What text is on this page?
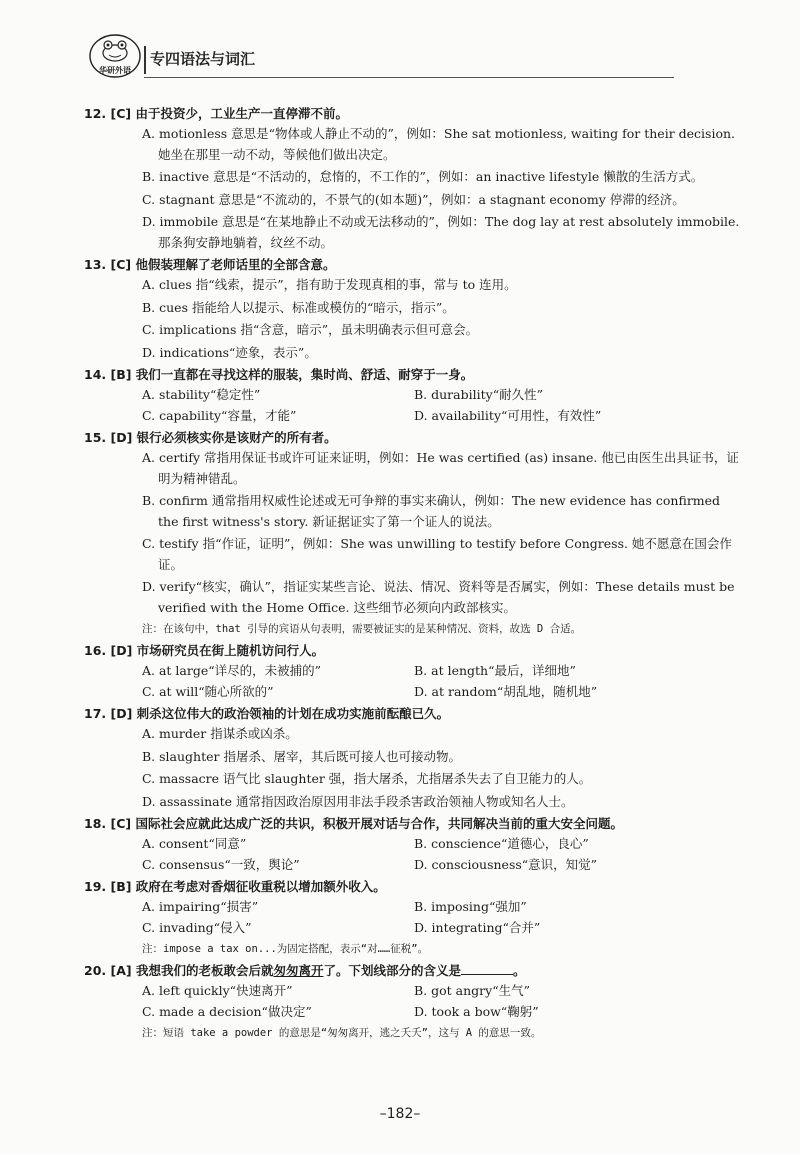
华研外语
专四语法与词汇
12. [C] 由于投资少，工业生产一直停滞不前。
A. motionless 意思是“物体或人静止不动的”，例如：She sat motionless, waiting for their decision. 她坐在那里一动不动，等候他们做出决定。
B. inactive 意思是“不活动的，怠惰的，不工作的”，例如：an inactive lifestyle 懒散的生活方式。
C. stagnant 意思是“不流动的，不景气的(如本题)”，例如：a stagnant economy 停滞的经济。
D. immobile 意思是“在某地静止不动或无法移动的”，例如：The dog lay at rest absolutely immobile. 那条狗安静地躺着，纹丝不动。
13. [C] 他假装理解了老师话里的全部含意。
A. clues 指“线索，提示”，指有助于发现真相的事，常与 to 连用。
B. cues 指能给人以提示、标准或模仿的“暗示，指示”。
C. implications 指“含意，暗示”，虽未明确表示但可意会。
D. indications“迹象，表示”。
14. [B] 我们一直都在寻找这样的服装，集时尚、舒适、耐穿于一身。
A. stability“稳定性”	B. durability“耐久性”
C. capability“容量，才能”	D. availability“可用性，有效性”
15. [D] 银行必须核实你是该财产的所有者。
A. certify 常指用保证书或许可证来证明，例如：He was certified (as) insane. 他已由医生出具证书，证明为精神错乱。
B. confirm 通常指用权威性论述或无可争辩的事实来确认，例如：The new evidence has confirmed the first witness's story. 新证据证实了第一个证人的说法。
C. testify 指“作证，证明”，例如：She was unwilling to testify before Congress. 她不愿意在国会作证。
D. verify“核实，确认”，指证实某些言论、说法、情况、资料等是否属实，例如：These details must be verified with the Home Office. 这些细节必须向内政部核实。
注：在该句中，that 引导的宾语从句表明，需要被证实的是某种情况、资料，故选 D 合适。
16. [D] 市场研究员在街上随机访问行人。
A. at large“详尽的，未被捕的”	B. at length“最后，详细地”
C. at will“随心所欲的”	D. at random“胡乱地，随机地”
17. [D] 刺杀这位伟大的政治领袖的计划在成功实施前酝酿已久。
A. murder 指谋杀或凶杀。
B. slaughter 指屠杀、屠宰，其后既可接人也可接动物。
C. massacre 语气比 slaughter 强，指大屠杀，尤指屠杀失去了自卫能力的人。
D. assassinate 通常指因政治原因用非法手段杀害政治领袖人物或知名人士。
18. [C] 国际社会应就此达成广泛的共识，积极开展对话与合作，共同解决当前的重大安全问题。
A. consent“同意”	B. conscience“道德心，良心”
C. consensus“一致，舆论”	D. consciousness“意识，知觉”
19. [B] 政府在考虑对香烟征收重税以增加额外收入。
A. impairing“损害”	B. imposing“强加”
C. invading“侵入”	D. integrating“合并”
注：impose a tax on...为固定搭配，表示“对……征税”。
20. [A] 我想我们的老板敢会后就匆匆离开了。下划线部分的含义是	。
A. left quickly“快速离开”	B. got angry“生气”
C. made a decision“做决定”	D. took a bow“鞠躬”
注：短语 take a powder 的意思是“匆匆离开，逃之夭夭”，这与 A 的意思一致。
–182–
